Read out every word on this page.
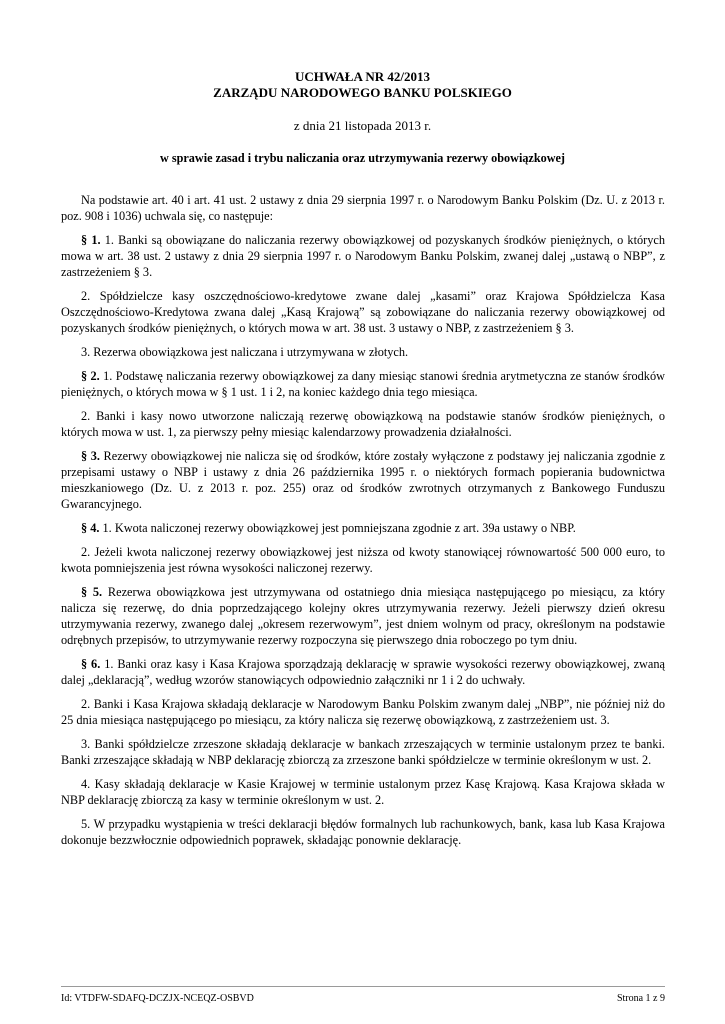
UCHWAŁA NR 42/2013
ZARZĄDU NARODOWEGO BANKU POLSKIEGO
z dnia 21 listopada 2013 r.
w sprawie zasad i trybu naliczania oraz utrzymywania rezerwy obowiązkowej

Na podstawie art. 40 i art. 41 ust. 2 ustawy z dnia 29 sierpnia 1997 r. o Narodowym Banku Polskim (Dz. U. z 2013 r. poz. 908 i 1036) uchwala się, co następuje:

§ 1. 1. Banki są obowiązane do naliczania rezerwy obowiązkowej od pozyskanych środków pieniężnych, o których mowa w art. 38 ust. 2 ustawy z dnia 29 sierpnia 1997 r. o Narodowym Banku Polskim, zwanej dalej „ustawą o NBP”, z zastrzeżeniem § 3.

2. Spółdzielcze kasy oszczędnościowo-kredytowe zwane dalej „kasami” oraz Krajowa Spółdzielcza Kasa Oszczędnościowo-Kredytowa zwana dalej „Kasą Krajową” są zobowiązane do naliczania rezerwy obowiązkowej od pozyskanych środków pieniężnych, o których mowa w art. 38 ust. 3 ustawy o NBP, z zastrzeżeniem § 3.

3. Rezerwa obowiązkowa jest naliczana i utrzymywana w złotych.

§ 2. 1. Podstawę naliczania rezerwy obowiązkowej za dany miesiąc stanowi średnia arytmetyczna ze stanów środków pieniężnych, o których mowa w § 1 ust. 1 i 2, na koniec każdego dnia tego miesiąca.

2. Banki i kasy nowo utworzone naliczają rezerwę obowiązkową na podstawie stanów środków pieniężnych, o których mowa w ust. 1, za pierwszy pełny miesiąc kalendarzowy prowadzenia działalności.

§ 3. Rezerwy obowiązkowej nie nalicza się od środków, które zostały wyłączone z podstawy jej naliczania zgodnie z przepisami ustawy o NBP i ustawy z dnia 26 października 1995 r. o niektórych formach popierania budownictwa mieszkaniowego (Dz. U. z 2013 r. poz. 255) oraz od środków zwrotnych otrzymanych z Bankowego Funduszu Gwarancyjnego.

§ 4. 1. Kwota naliczonej rezerwy obowiązkowej jest pomniejszana zgodnie z art. 39a ustawy o NBP.

2. Jeżeli kwota naliczonej rezerwy obowiązkowej jest niższa od kwoty stanowiącej równowartość 500 000 euro, to kwota pomniejszenia jest równa wysokości naliczonej rezerwy.

§ 5. Rezerwa obowiązkowa jest utrzymywana od ostatniego dnia miesiąca następującego po miesiącu, za który nalicza się rezerwę, do dnia poprzedzającego kolejny okres utrzymywania rezerwy. Jeżeli pierwszy dzień okresu utrzymywania rezerwy, zwanego dalej „okresem rezerwowym”, jest dniem wolnym od pracy, określonym na podstawie odrębnych przepisów, to utrzymywanie rezerwy rozpoczyna się pierwszego dnia roboczego po tym dniu.

§ 6. 1. Banki oraz kasy i Kasa Krajowa sporządzają deklarację w sprawie wysokości rezerwy obowiązkowej, zwaną dalej „deklaracją”, według wzorów stanowiących odpowiednio załączniki nr 1 i 2 do uchwały.

2. Banki i Kasa Krajowa składają deklaracje w Narodowym Banku Polskim zwanym dalej „NBP”, nie później niż do 25 dnia miesiąca następującego po miesiącu, za który nalicza się rezerwę obowiązkową, z zastrzeżeniem ust. 3.

3. Banki spółdzielcze zrzeszone składają deklaracje w bankach zrzeszających w terminie ustalonym przez te banki. Banki zrzeszające składają w NBP deklarację zbiorczą za zrzeszone banki spółdzielcze w terminie określonym w ust. 2.

4. Kasy składają deklaracje w Kasie Krajowej w terminie ustalonym przez Kasę Krajową. Kasa Krajowa składa w NBP deklarację zbiorczą za kasy w terminie określonym w ust. 2.

5. W przypadku wystąpienia w treści deklaracji błędów formalnych lub rachunkowych, bank, kasa lub Kasa Krajowa dokonuje bezzwłocznie odpowiednich poprawek, składając ponownie deklarację.

Id: VTDFW-SDAFQ-DCZJX-NCEQZ-OSBVD	Strona 1 z 9
